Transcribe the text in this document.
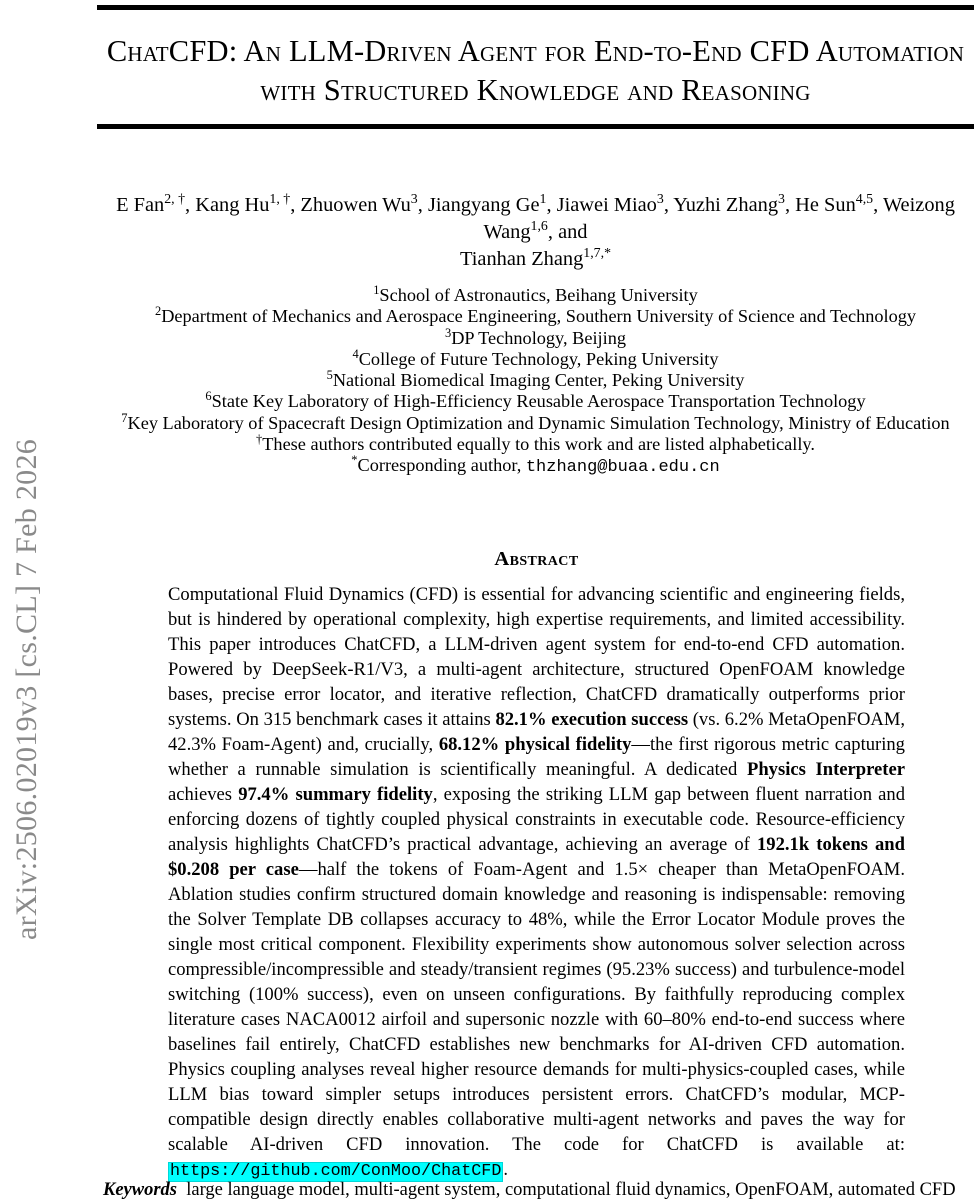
arXiv:2506.02019v3 [cs.CL] 7 Feb 2026
ChatCFD: An LLM-Driven Agent for End-to-End CFD Automation with Structured Knowledge and Reasoning
E Fan$^{2, \dagger}$, Kang $Hu^{1, \dagger}$, Zhuowen Wu$^3$, Jiangyang Ge$^1$, Jiawei Miao$^3$, Yuzhi Zhang$^3$, He Sun$^{4,5}$, Weizong Wang$^{1,6}$, and
Tianhan Zhang$^{1,7,*}$
$^1$School of Astronautics, Beihang University
$^2$Department of Mechanics and Aerospace Engineering, Southern University of Science and Technology
$^3$DP Technology, Beijing
$^4$College of Future Technology, Peking University
$^5$National Biomedical Imaging Center, Peking University
$^6$State Key Laboratory of High-Efficiency Reusable Aerospace Transportation Technology
$^7$Key Laboratory of Spacecraft Design Optimization and Dynamic Simulation Technology, Ministry of Education
†These authors contributed equally to this work and are listed alphabetically.
*Corresponding author, thzhang@buaa.edu.cn
Abstract
Computational Fluid Dynamics (CFD) is essential for advancing scientific and engineering fields, but is hindered by operational complexity, high expertise requirements, and limited accessibility. This paper introduces ChatCFD, a LLM-driven agent system for end-to-end CFD automation. Powered by DeepSeek-R1/V3, a multi-agent architecture, structured OpenFOAM knowledge bases, precise error locator, and iterative reflection, ChatCFD dramatically outperforms prior systems. On 315 benchmark cases it attains 82.1% execution success (vs. 6.2% MetaOpenFOAM, 42.3% Foam-Agent) and, crucially, 68.12% physical fidelity—the first rigorous metric capturing whether a runnable simulation is scientifically meaningful. A dedicated Physics Interpreter achieves 97.4% summary fidelity, exposing the striking LLM gap between fluent narration and enforcing dozens of tightly coupled physical constraints in executable code. Resource-efficiency analysis highlights ChatCFD’s practical advantage, achieving an average of 192.1k tokens and $0.208 per case—half the tokens of Foam-Agent and 1.5× cheaper than MetaOpenFOAM. Ablation studies confirm structured domain knowledge and reasoning is indispensable: removing the Solver Template DB collapses accuracy to 48%, while the Error Locator Module proves the single most critical component. Flexibility experiments show autonomous solver selection across compressible/incompressible and steady/transient regimes (95.23% success) and turbulence-model switching (100% success), even on unseen configurations. By faithfully reproducing complex literature cases NACA0012 airfoil and supersonic nozzle with 60–80% end-to-end success where baselines fail entirely, ChatCFD establishes new benchmarks for AI-driven CFD automation. Physics coupling analyses reveal higher resource demands for multi-physics-coupled cases, while LLM bias toward simpler setups introduces persistent errors. ChatCFD’s modular, MCP-compatible design directly enables collaborative multi-agent networks and paves the way for scalable AI-driven CFD innovation. The code for ChatCFD is available at: https://github.com/ConMoo/ChatCFD .
Keywords large language model, multi-agent system, computational fluid dynamics, OpenFOAM, automated CFD
